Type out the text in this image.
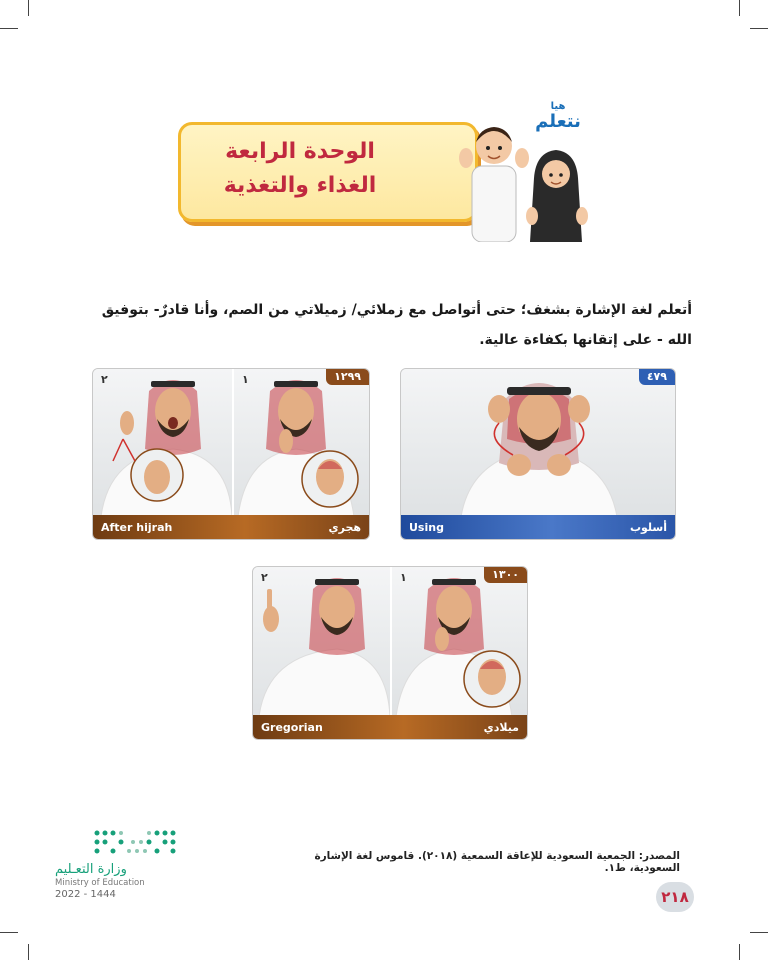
الوحدة الرابعة
الغذاء والتغذية
هيا
نتعلم

أتعلم لغة الإشارة بشغف؛ حتى أتواصل مع زملائي/ زميلاتي من الصم، وأنا قادرٌ- بتوفيق الله - على إتقانها بكفاءة عالية.

٤٧٩
Using	أسلوب
٢	١	١٢٩٩
After hijrah	هجري
٢	١	١٣٠٠
Gregorian	ميلادي

المصدر: الجمعية السعودية للإعاقة السمعية (٢٠١٨). قاموس لغة الإشارة السعودية، ط١.

٢١٨
وزارة التعـليم
Ministry of Education
2022 - 1444
